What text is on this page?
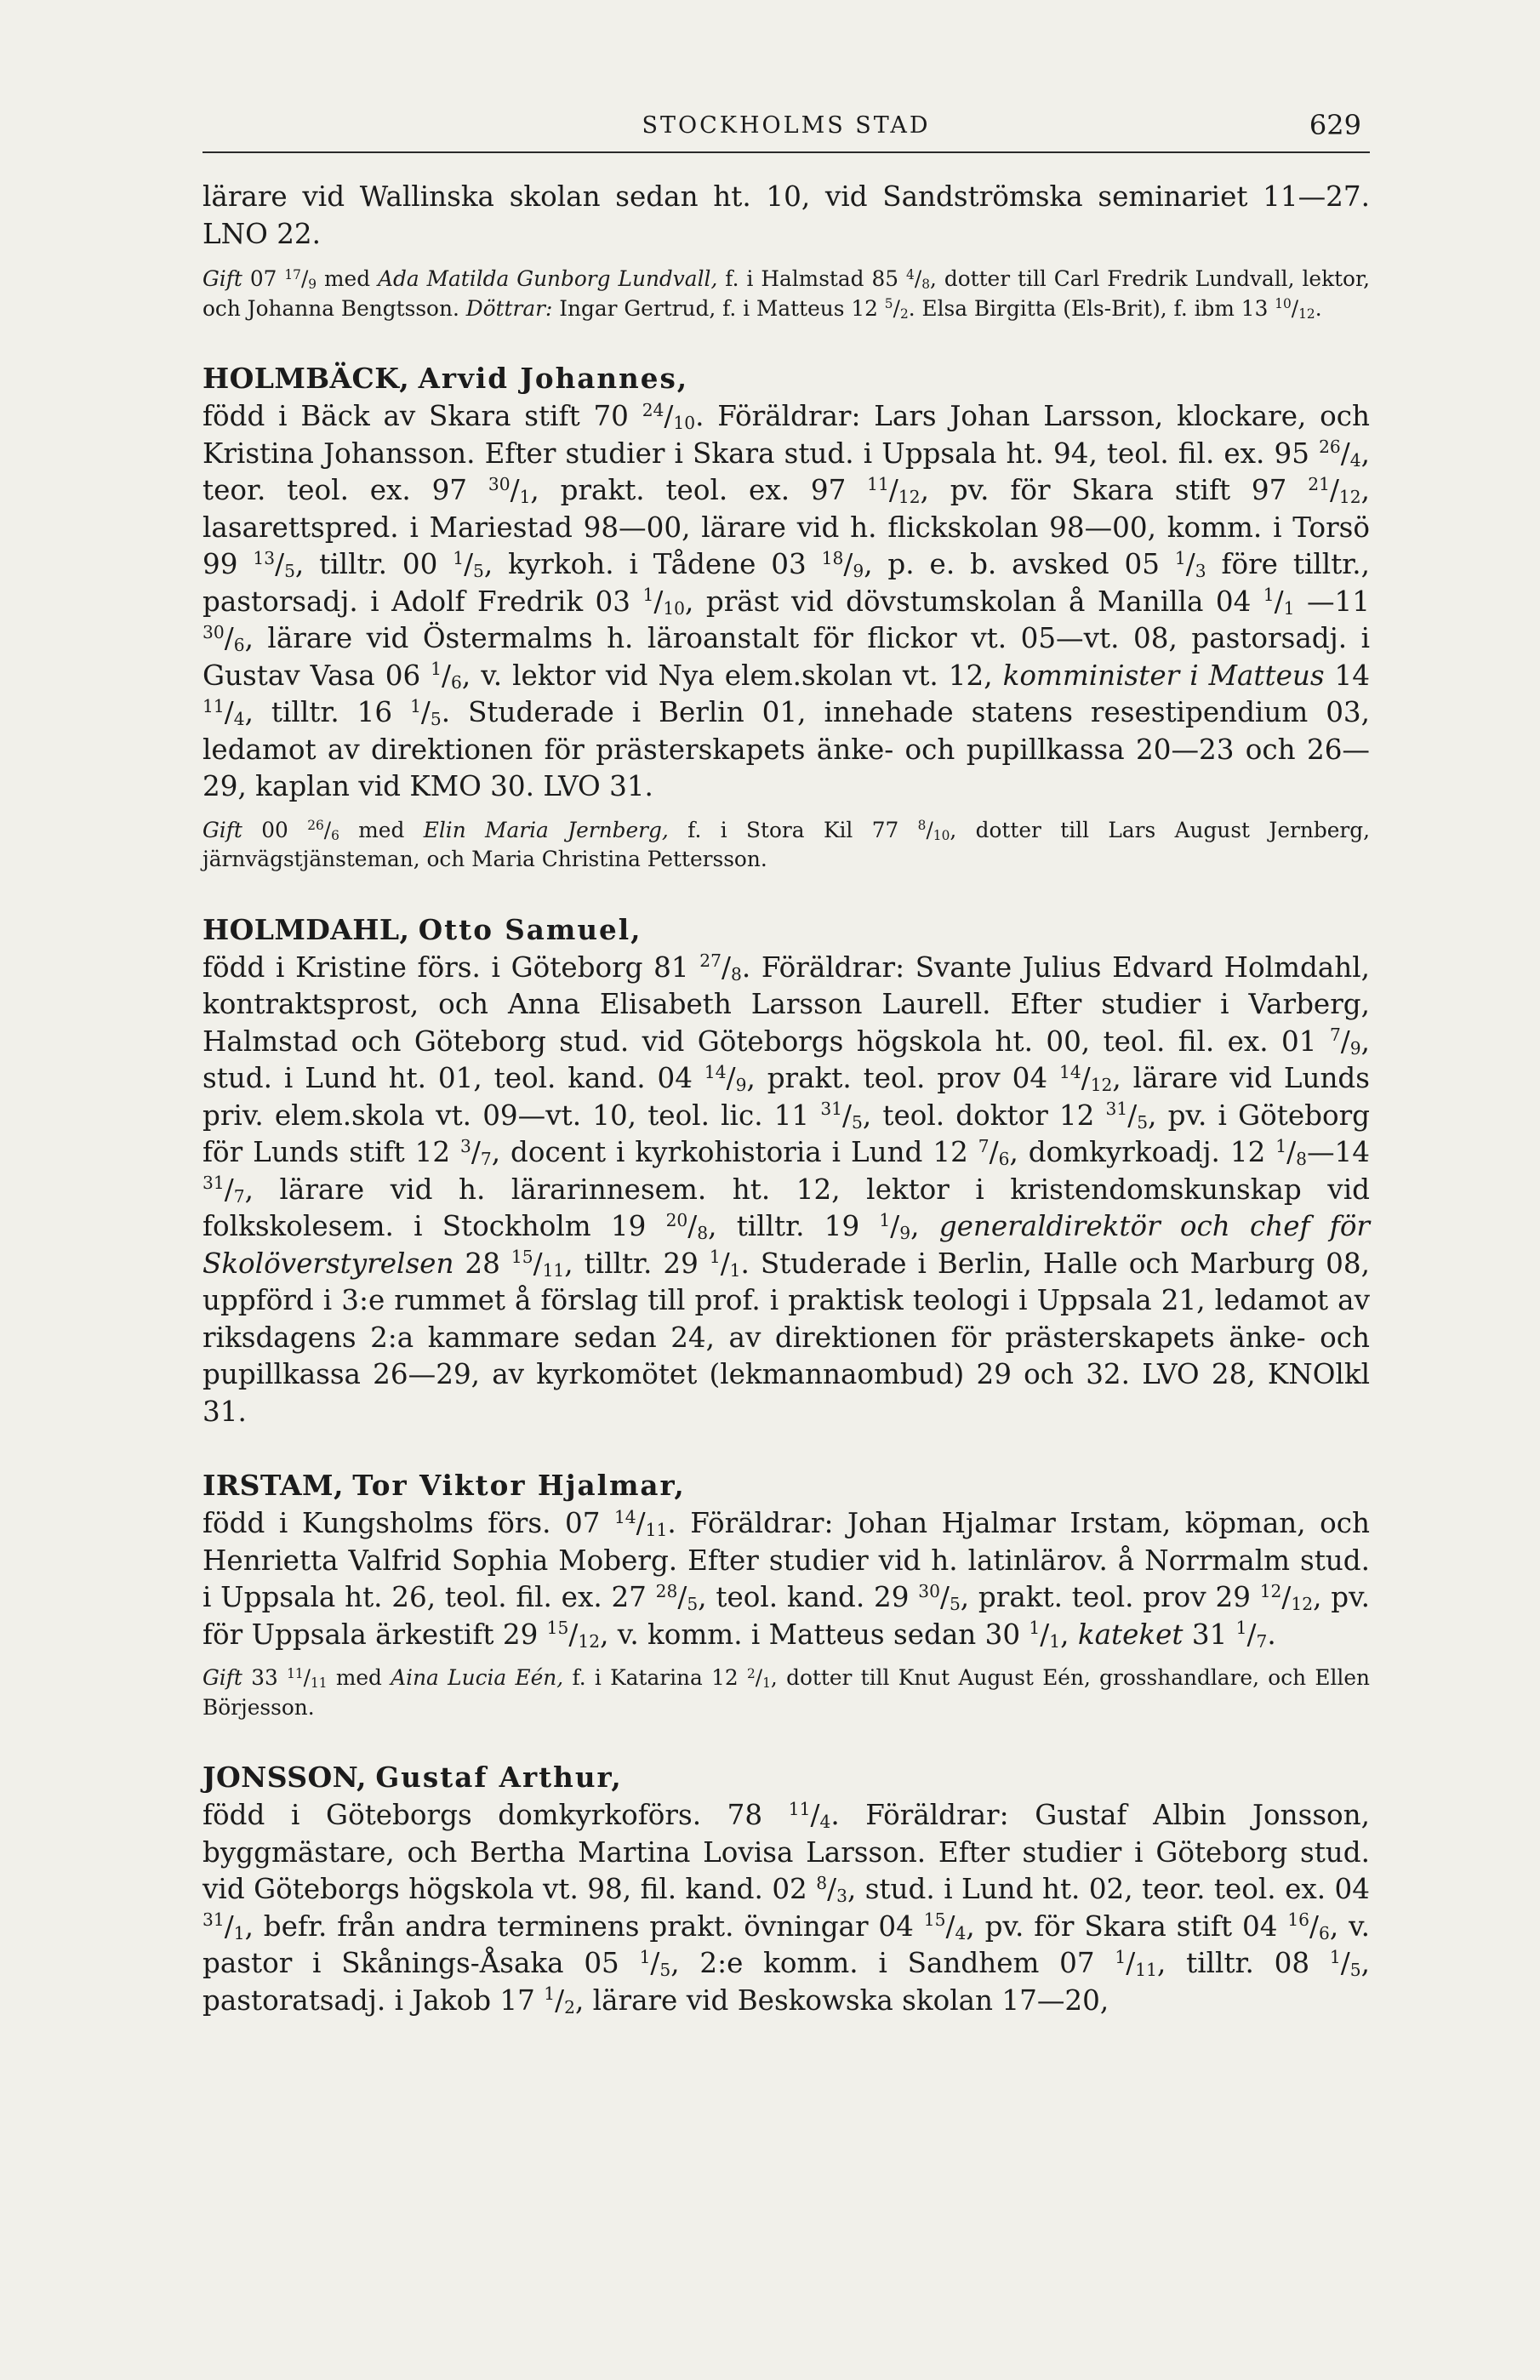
STOCKHOLMS STAD	629

lärare vid Wallinska skolan sedan ht. 10, vid Sandströmska seminariet 11—27. LNO 22.

Gift 07 $^{17}/_9$ med Ada Matilda Gunborg Lundvall, f. i Halmstad 85 $^4/_8$, dotter till Carl Fredrik Lundvall, lektor, och Johanna Bengtsson. Döttrar: Ingar Gertrud, f. i Matteus 12 $^5/_2$. Elsa Birgitta (Els-Brit), f. ibm 13 $^{10}/_{12}$.

HOLMBÄCK, Arvid Johannes,

född i Bäck av Skara stift 70 $^{24}/_{10}$. Föräldrar: Lars Johan Larsson, klockare, och Kristina Johansson. Efter studier i Skara stud. i Uppsala ht. 94, teol. fil. ex. 95 $^{26}/_4$, teor. teol. ex. 97 $^{30}/_1$, prakt. teol. ex. 97 $^{11}/_{12}$, pv. för Skara stift 97 $^{21}/_{12}$, lasarettspred. i Mariestad 98—00, lärare vid h. flickskolan 98—00, komm. i Torsö 99 $^{13}/_5$, tilltr. 00 $^1/_5$, kyrkoh. i Tådene 03 $^{18}/_9$, p. e. b. avsked 05 $^1/_3$ före tilltr., pastorsadj. i Adolf Fredrik 03 $^1/_{10}$, präst vid dövstumskolan å Manilla 04 $^1/_1$ —11 $^{30}/_6$, lärare vid Östermalms h. läroanstalt för flickor vt. 05—vt. 08, pastorsadj. i Gustav Vasa 06 $^1/_6$, v. lektor vid Nya elem.skolan vt. 12, komminister i Matteus 14 $^{11}/_4$, tilltr. 16 $^1/_5$. Studerade i Berlin 01, innehade statens resestipendium 03, ledamot av direktionen för prästerskapets änke- och pupillkassa 20—23 och 26—29, kaplan vid KMO 30. LVO 31.

Gift 00 $^{26}/_6$ med Elin Maria Jernberg, f. i Stora Kil 77 $^8/_{10}$, dotter till Lars August Jernberg, järnvägstjänsteman, och Maria Christina Pettersson.

HOLMDAHL, Otto Samuel,

född i Kristine förs. i Göteborg 81 $^{27}/_8$. Föräldrar: Svante Julius Edvard Holmdahl, kontraktsprost, och Anna Elisabeth Larsson Laurell. Efter studier i Varberg, Halmstad och Göteborg stud. vid Göteborgs högskola ht. 00, teol. fil. ex. 01 $^7/_9$, stud. i Lund ht. 01, teol. kand. 04 $^{14}/_9$, prakt. teol. prov 04 $^{14}/_{12}$, lärare vid Lunds priv. elem.skola vt. 09—vt. 10, teol. lic. 11 $^{31}/_5$, teol. doktor 12 $^{31}/_5$, pv. i Göteborg för Lunds stift 12 $^3/_7$, docent i kyrkohistoria i Lund 12 $^7/_6$, domkyrkoadj. 12 $^1/_8—14$ $^{31}/_7$, lärare vid h. lärarinnesem. ht. 12, lektor i kristendomskunskap vid folkskolesem. i Stockholm 19 $^{20}/_8$, tilltr. 19 $^1/_9$, generaldirektör och chef för Skolöverstyrelsen 28 $^{15}/_{11}$, tilltr. 29 $^1/_1$. Studerade i Berlin, Halle och Marburg 08, uppförd i 3:e rummet å förslag till prof. i praktisk teologi i Uppsala 21, ledamot av riksdagens 2:a kammare sedan 24, av direktionen för prästerskapets änke- och pupillkassa 26—29, av kyrkomötet (lekmannaombud) 29 och 32. LVO 28, KNOlkl 31.

IRSTAM, Tor Viktor Hjalmar,

född i Kungsholms förs. 07 $^{14}/_{11}$. Föräldrar: Johan Hjalmar Irstam, köpman, och Henrietta Valfrid Sophia Moberg. Efter studier vid h. latinlärov. å Norrmalm stud. i Uppsala ht. 26, teol. fil. ex. 27 $^{28}/_5$, teol. kand. 29 $^{30}/_5$, prakt. teol. prov 29 $^{12}/_{12}$, pv. för Uppsala ärkestift 29 $^{15}/_{12}$, v. komm. i Matteus sedan 30 $^1/_1$, kateket 31 $^1/_7$.

Gift 33 $^{11}/_{11}$ med Aina Lucia Eén, f. i Katarina 12 $^2/_1$, dotter till Knut August Eén, grosshandlare, och Ellen Börjesson.

JONSSON, Gustaf Arthur,

född i Göteborgs domkyrkoförs. 78 $^{11}/_4$. Föräldrar: Gustaf Albin Jonsson, byggmästare, och Bertha Martina Lovisa Larsson. Efter studier i Göteborg stud. vid Göteborgs högskola vt. 98, fil. kand. 02 $^8/_3$, stud. i Lund ht. 02, teor. teol. ex. 04 $^{31}/_1$, befr. från andra terminens prakt. övningar 04 $^{15}/_4$, pv. för Skara stift 04 $^{16}/_6$, v. pastor i Skånings-Åsaka 05 $^1/_5$, 2:e komm. i Sandhem 07 $^1/_{11}$, tilltr. 08 $^1/_5$, pastoratsadj. i Jakob 17 $^1/_2$, lärare vid Beskowska skolan 17—20,
